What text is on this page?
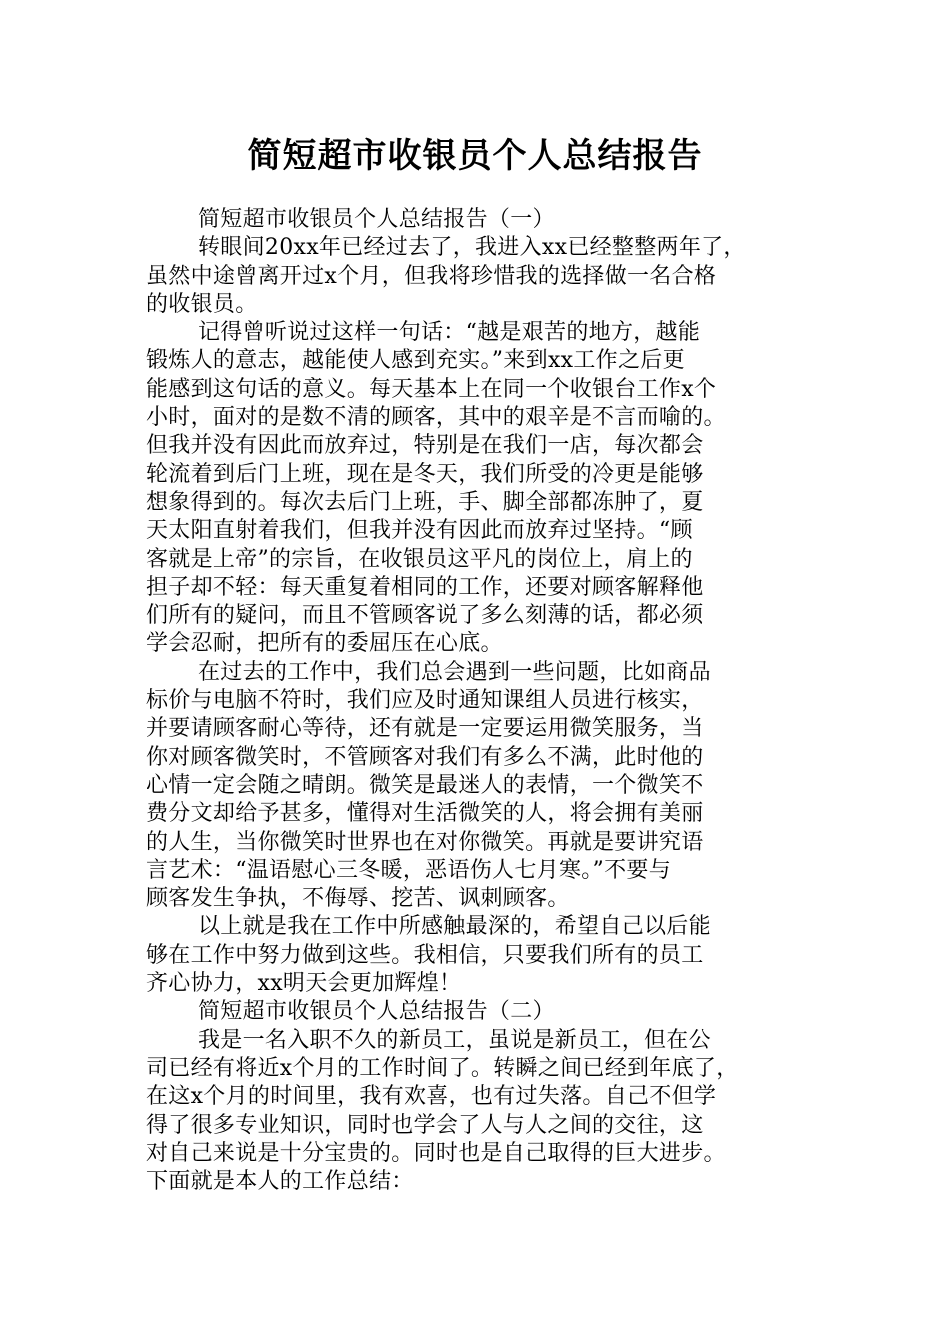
简短超市收银员个人总结报告
简短超市收银员个人总结报告（一）
转眼间20xx年已经过去了，我进入xx已经整整两年了，
虽然中途曾离开过x个月，但我将珍惜我的选择做一名合格
的收银员。
记得曾听说过这样一句话：“越是艰苦的地方，越能
锻炼人的意志，越能使人感到充实。”来到xx工作之后更
能感到这句话的意义。每天基本上在同一个收银台工作x个
小时，面对的是数不清的顾客，其中的艰辛是不言而喻的。
但我并没有因此而放弃过，特别是在我们一店，每次都会
轮流着到后门上班，现在是冬天，我们所受的冷更是能够
想象得到的。每次去后门上班，手、脚全部都冻肿了，夏
天太阳直射着我们，但我并没有因此而放弃过坚持。“顾
客就是上帝”的宗旨，在收银员这平凡的岗位上，肩上的
担子却不轻：每天重复着相同的工作，还要对顾客解释他
们所有的疑问，而且不管顾客说了多么刻薄的话，都必须
学会忍耐，把所有的委屈压在心底。
在过去的工作中，我们总会遇到一些问题，比如商品
标价与电脑不符时，我们应及时通知课组人员进行核实，
并要请顾客耐心等待，还有就是一定要运用微笑服务，当
你对顾客微笑时，不管顾客对我们有多么不满，此时他的
心情一定会随之晴朗。微笑是最迷人的表情，一个微笑不
费分文却给予甚多，懂得对生活微笑的人，将会拥有美丽
的人生，当你微笑时世界也在对你微笑。再就是要讲究语
言艺术：“温语慰心三冬暖，恶语伤人七月寒。”不要与
顾客发生争执，不侮辱、挖苦、讽刺顾客。
以上就是我在工作中所感触最深的，希望自己以后能
够在工作中努力做到这些。我相信，只要我们所有的员工
齐心协力，xx明天会更加辉煌！
简短超市收银员个人总结报告（二）
我是一名入职不久的新员工，虽说是新员工，但在公
司已经有将近x个月的工作时间了。转瞬之间已经到年底了，
在这x个月的时间里，我有欢喜，也有过失落。自己不但学
得了很多专业知识，同时也学会了人与人之间的交往，这
对自己来说是十分宝贵的。同时也是自己取得的巨大进步。
下面就是本人的工作总结：
